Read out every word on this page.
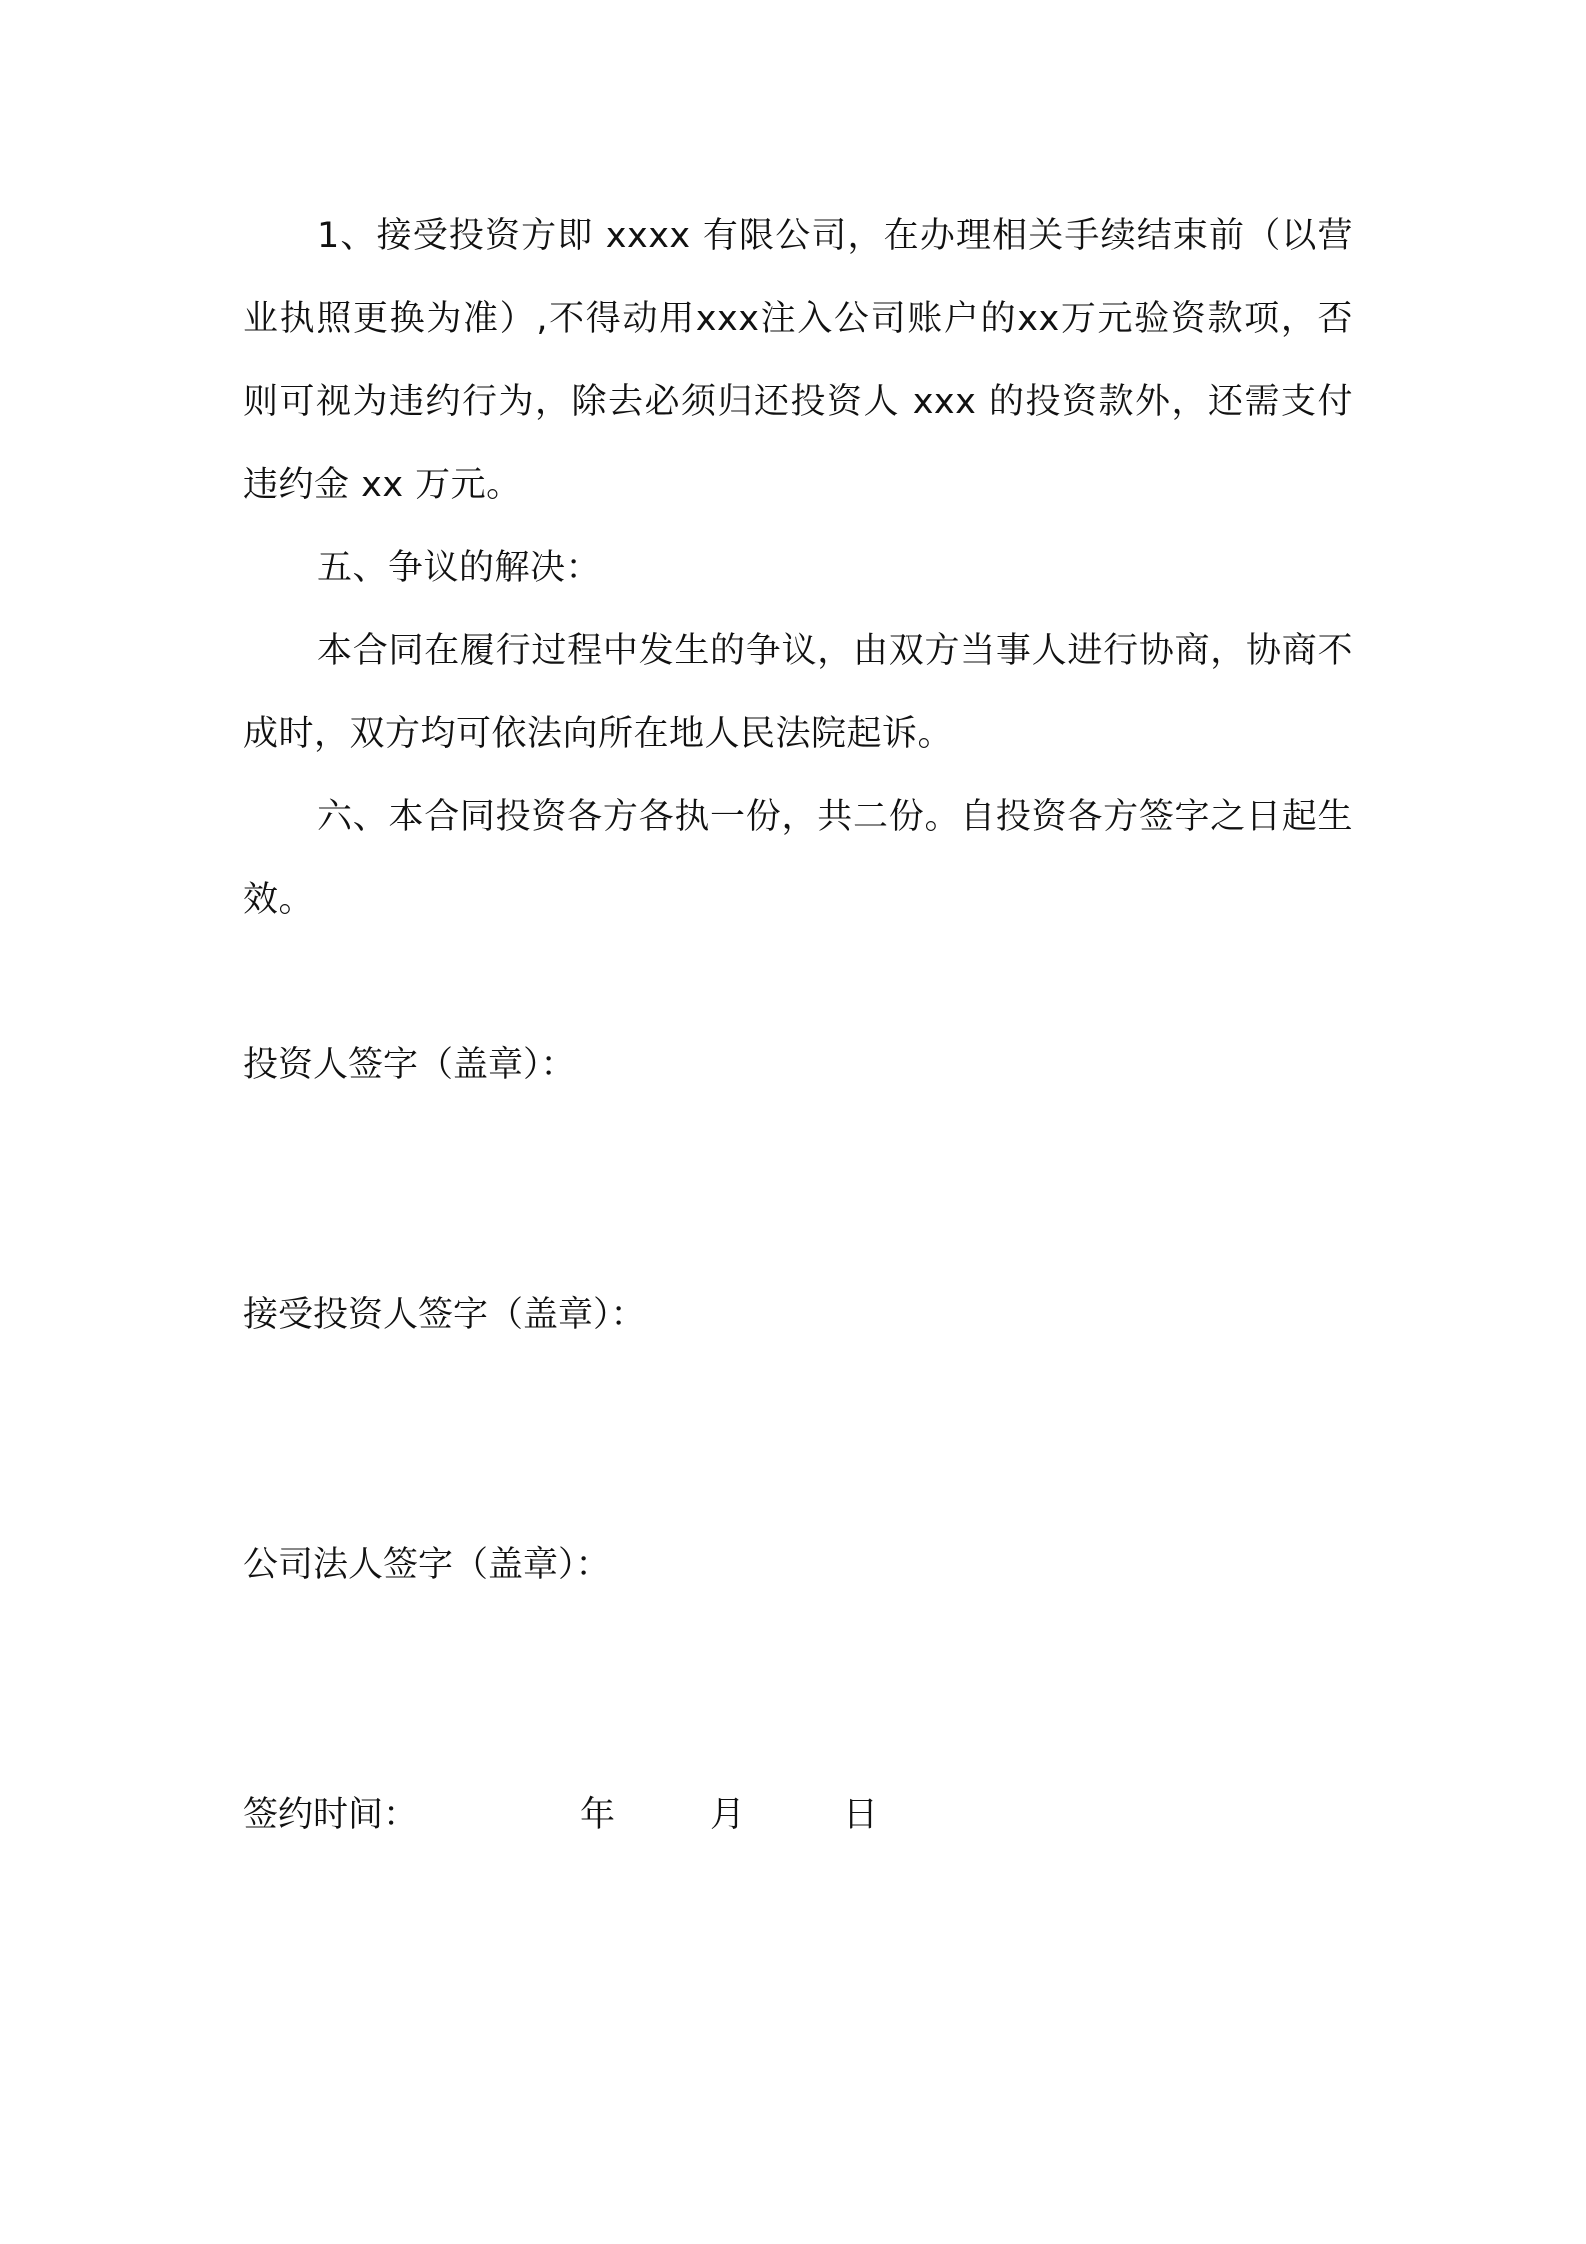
1、接受投资方即 xxxx 有限公司，在办理相关手续结束前（以营业执照更换为准）,不得动用xxx注入公司账户的xx万元验资款项，否则可视为违约行为，除去必须归还投资人 xxx 的投资款外，还需支付违约金 xx 万元。

五、争议的解决：

本合同在履行过程中发生的争议，由双方当事人进行协商，协商不成时，双方均可依法向所在地人民法院起诉。

六、本合同投资各方各执一份，共二份。自投资各方签字之日起生效。

投资人签字（盖章）：
接受投资人签字（盖章）：
公司法人签字（盖章）：
签约时间：	年	月	日
